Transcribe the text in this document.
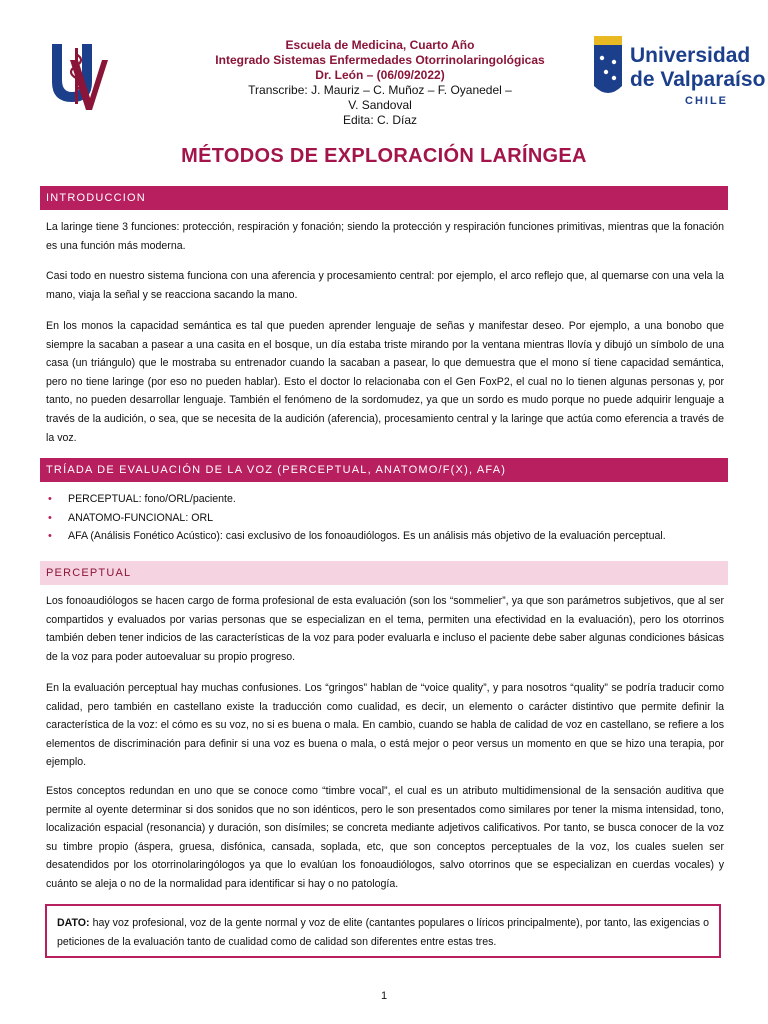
Escuela de Medicina, Cuarto Año
Integrado Sistemas Enfermedades Otorrinolaringológicas
Dr. León – (06/09/2022)
Transcribe: J. Mauriz – C. Muñoz – F. Oyanedel –
V. Sandoval
Edita: C. Díaz
Universidad
de Valparaíso
CHILE
MÉTODOS DE EXPLORACIÓN LARÍNGEA
INTRODUCCION
La laringe tiene 3 funciones: protección, respiración y fonación; siendo la protección y respiración funciones primitivas, mientras que la fonación es una función más moderna.
Casi todo en nuestro sistema funciona con una aferencia y procesamiento central: por ejemplo, el arco reflejo que, al quemarse con una vela la mano, viaja la señal y se reacciona sacando la mano.
En los monos la capacidad semántica es tal que pueden aprender lenguaje de señas y manifestar deseo. Por ejemplo, a una bonobo que siempre la sacaban a pasear a una casita en el bosque, un día estaba triste mirando por la ventana mientras llovía y dibujó un símbolo de una casa (un triángulo) que le mostraba su entrenador cuando la sacaban a pasear, lo que demuestra que el mono sí tiene capacidad semántica, pero no tiene laringe (por eso no pueden hablar). Esto el doctor lo relacionaba con el Gen FoxP2, el cual no lo tienen algunas personas y, por tanto, no pueden desarrollar lenguaje. También el fenómeno de la sordomudez, ya que un sordo es mudo porque no puede adquirir lenguaje a través de la audición, o sea, que se necesita de la audición (aferencia), procesamiento central y la laringe que actúa como eferencia a través de la voz.
TRÍADA DE EVALUACIÓN DE LA VOZ (PERCEPTUAL, ANATOMO/F(X), AFA)
• PERCEPTUAL: fono/ORL/paciente.
• ANATOMO-FUNCIONAL: ORL
• AFA (Análisis Fonético Acústico): casi exclusivo de los fonoaudiólogos. Es un análisis más objetivo de la evaluación perceptual.
PERCEPTUAL
Los fonoaudiólogos se hacen cargo de forma profesional de esta evaluación (son los “sommelier”, ya que son parámetros subjetivos, que al ser compartidos y evaluados por varias personas que se especializan en el tema, permiten una efectividad en la evaluación), pero los otorrinos también deben tener indicios de las características de la voz para poder evaluarla e incluso el paciente debe saber algunas condiciones básicas de la voz para poder autoevaluar su propio progreso.
En la evaluación perceptual hay muchas confusiones. Los “gringos” hablan de “voice quality”, y para nosotros “quality” se podría traducir como calidad, pero también en castellano existe la traducción como cualidad, es decir, un elemento o carácter distintivo que permite definir la característica de la voz: el cómo es su voz, no si es buena o mala. En cambio, cuando se habla de calidad de voz en castellano, se refiere a los elementos de discriminación para definir si una voz es buena o mala, o está mejor o peor versus un momento en que se hizo una terapia, por ejemplo.
Estos conceptos redundan en uno que se conoce como “timbre vocal”, el cual es un atributo multidimensional de la sensación auditiva que permite al oyente determinar si dos sonidos que no son idénticos, pero le son presentados como similares por tener la misma intensidad, tono, localización espacial (resonancia) y duración, son disímiles; se concreta mediante adjetivos calificativos. Por tanto, se busca conocer de la voz su timbre propio (áspera, gruesa, disfónica, cansada, soplada, etc, que son conceptos perceptuales de la voz, los cuales suelen ser desatendidos por los otorrinolaringólogos ya que lo evalúan los fonoaudiólogos, salvo otorrinos que se especializan en cuerdas vocales) y cuánto se aleja o no de la normalidad para identificar si hay o no patología.
DATO: hay voz profesional, voz de la gente normal y voz de elite (cantantes populares o líricos principalmente), por tanto, las exigencias o peticiones de la evaluación tanto de cualidad como de calidad son diferentes entre estas tres.
1
